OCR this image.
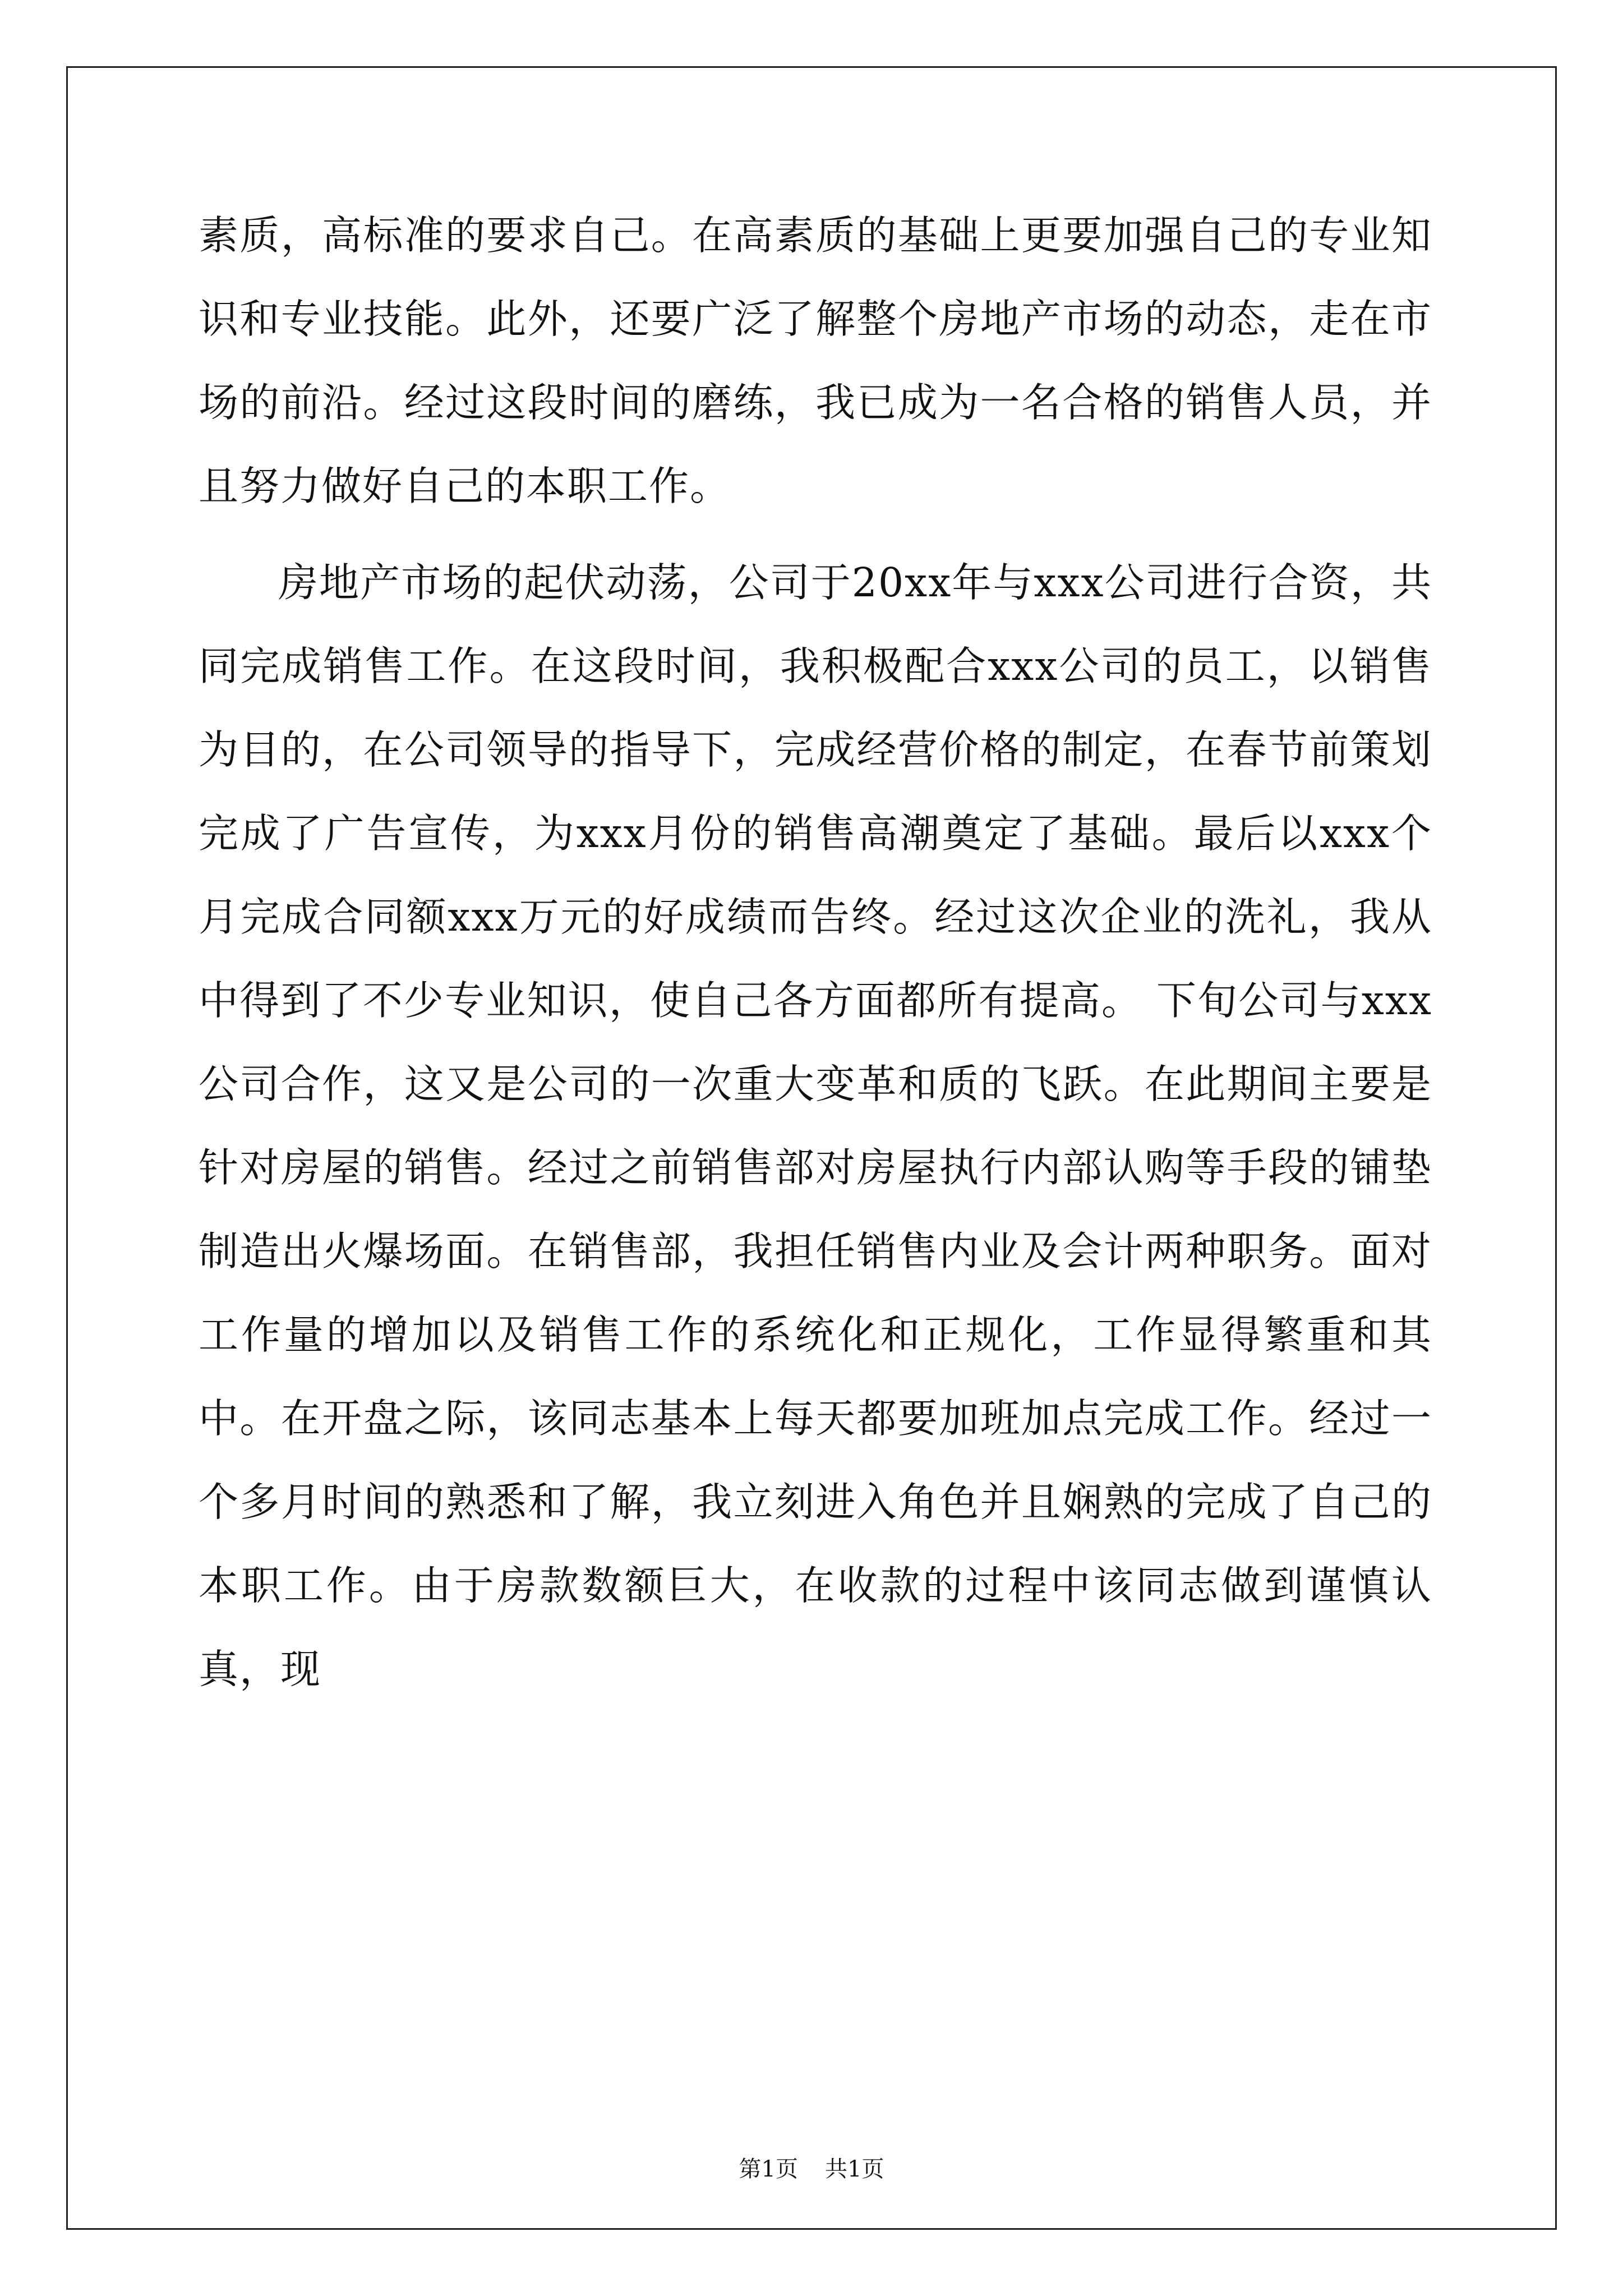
素质，高标准的要求自己。在高素质的基础上更要加强自己的专业知识和专业技能。此外，还要广泛了解整个房地产市场的动态，走在市场的前沿。经过这段时间的磨练，我已成为一名合格的销售人员，并且努力做好自己的本职工作。

房地产市场的起伏动荡，公司于20xx年与xxx公司进行合资，共同完成销售工作。在这段时间，我积极配合xxx公司的员工，以销售为目的，在公司领导的指导下，完成经营价格的制定，在春节前策划完成了广告宣传，为xxx月份的销售高潮奠定了基础。最后以xxx个月完成合同额xxx万元的好成绩而告终。经过这次企业的洗礼，我从中得到了不少专业知识，使自己各方面都所有提高。 下旬公司与xxx公司合作，这又是公司的一次重大变革和质的飞跃。在此期间主要是针对房屋的销售。经过之前销售部对房屋执行内部认购等手段的铺垫制造出火爆场面。在销售部，我担任销售内业及会计两种职务。面对工作量的增加以及销售工作的系统化和正规化，工作显得繁重和其中。在开盘之际，该同志基本上每天都要加班加点完成工作。经过一个多月时间的熟悉和了解，我立刻进入角色并且娴熟的完成了自己的本职工作。由于房款数额巨大，在收款的过程中该同志做到谨慎认真，现

第1页 共1页
